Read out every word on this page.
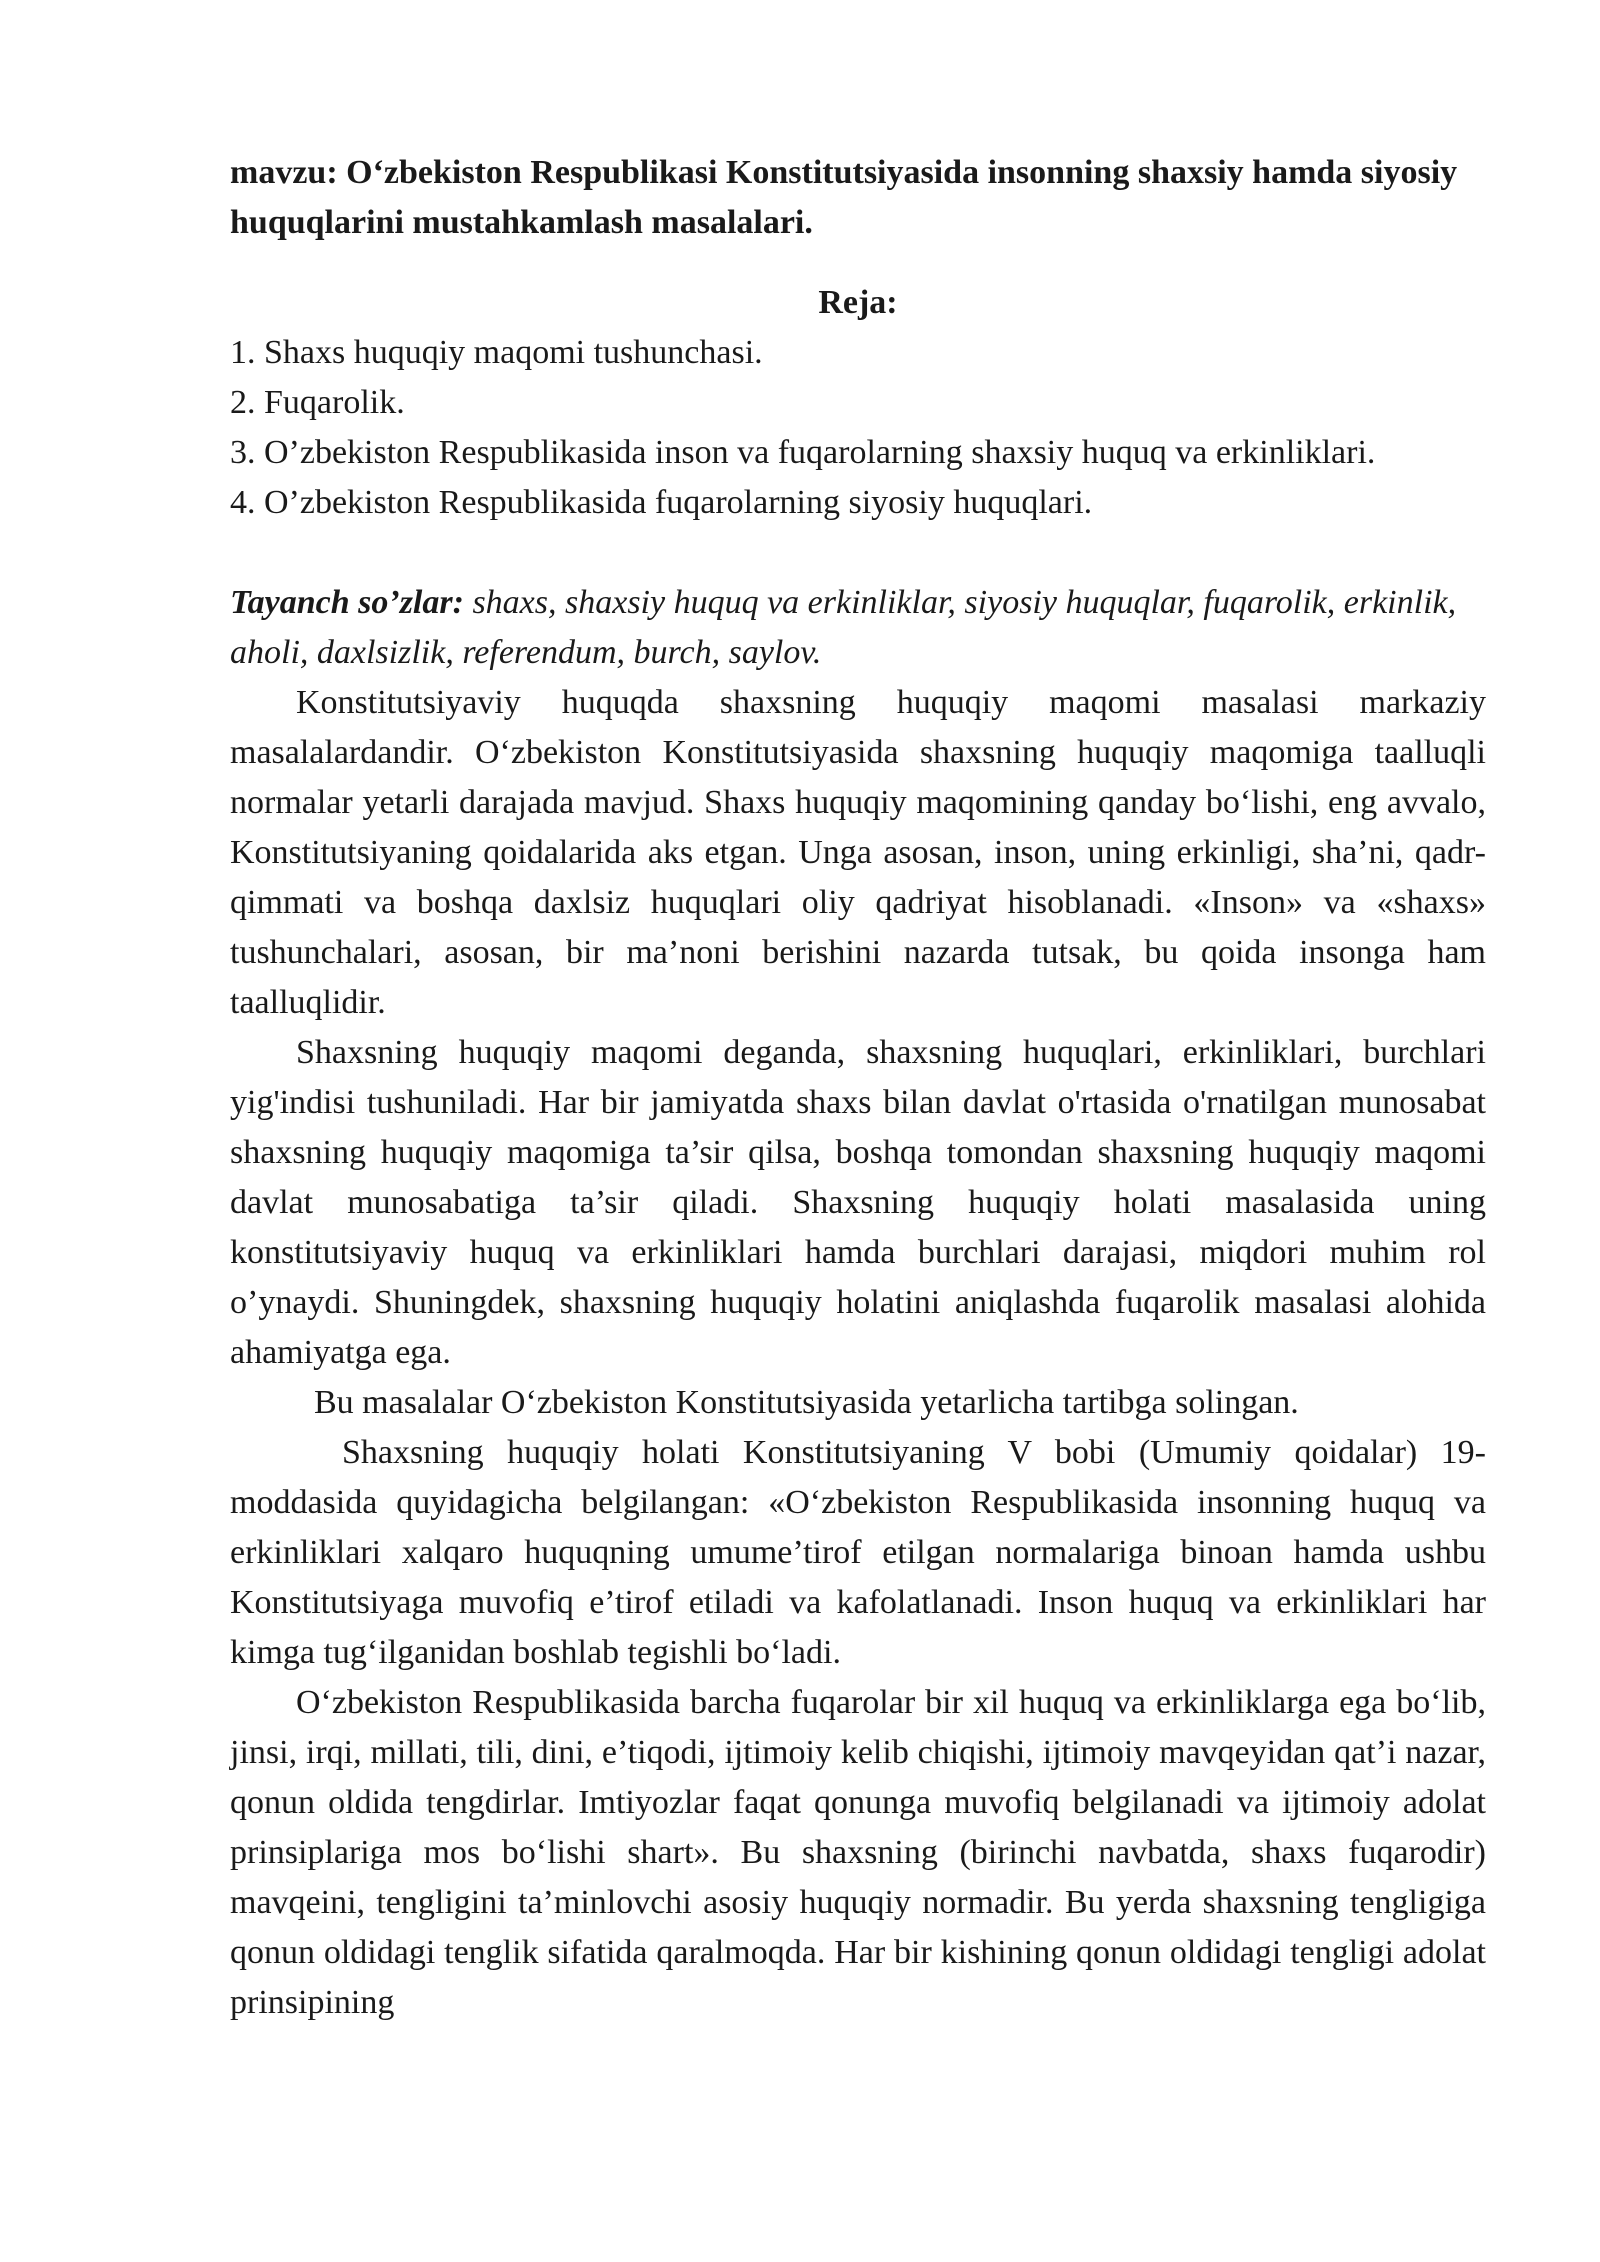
mavzu: O‘zbekiston Respublikasi Konstitutsiyasida insonning shaxsiy hamda siyosiy huquqlarini mustahkamlash masalalari.

Reja:

1. Shaxs huquqiy maqomi tushunchasi.
2. Fuqarolik.
3. O’zbekiston Respublikasida inson va fuqarolarning shaxsiy huquq va erkinliklari.
4. O’zbekiston Respublikasida fuqarolarning siyosiy huquqlari.

Tayanch so’zlar: shaxs, shaxsiy huquq va erkinliklar, siyosiy huquqlar, fuqarolik, erkinlik, aholi, daxlsizlik, referendum, burch, saylov.

Konstitutsiyaviy huquqda shaxsning huquqiy maqomi masalasi markaziy masalalardandir. O‘zbekiston Konstitutsiyasida shaxsning huquqiy maqomiga taalluqli normalar yetarli darajada mavjud. Shaxs huquqiy maqomining qanday bo‘lishi, eng avvalo, Konstitutsiyaning qoidalarida aks etgan. Unga asosan, inson, uning erkinligi, sha’ni, qadr-qimmati va boshqa daxlsiz huquqlari oliy qadriyat hisoblanadi. «Inson» va «shaxs» tushunchalari, asosan, bir ma’noni berishini nazarda tutsak, bu qoida insonga ham taalluqlidir.

Shaxsning huquqiy maqomi deganda, shaxsning huquqlari, erkinliklari, burchlari yig'indisi tushuniladi. Har bir jamiyatda shaxs bilan davlat o'rtasida o'rnatilgan munosabat shaxsning huquqiy maqomiga ta’sir qilsa, boshqa tomondan shaxsning huquqiy maqomi davlat munosabatiga ta’sir qiladi. Shaxsning huquqiy holati masalasida uning konstitutsiyaviy huquq va erkinliklari hamda burchlari darajasi, miqdori muhim rol o’ynaydi. Shuningdek, shaxsning huquqiy holatini aniqlashda fuqarolik masalasi alohida ahamiyatga ega.

Bu masalalar O‘zbekiston Konstitutsiyasida yetarlicha tartibga solingan.

Shaxsning huquqiy holati Konstitutsiyaning V bobi (Umumiy qoidalar) 19-moddasida quyidagicha belgilangan: «O‘zbekiston Respublikasida insonning huquq va erkinliklari xalqaro huquqning umume’tirof etilgan normalariga binoan hamda ushbu Konstitutsiyaga muvofiq e’tirof etiladi va kafolatlanadi. Inson huquq va erkinliklari har kimga tug‘ilganidan boshlab tegishli bo‘ladi.

O‘zbekiston Respublikasida barcha fuqarolar bir xil huquq va erkinliklarga ega bo‘lib, jinsi, irqi, millati, tili, dini, e’tiqodi, ijtimoiy kelib chiqishi, ijtimoiy mavqeyidan qat’i nazar, qonun oldida tengdirlar. Imtiyozlar faqat qonunga muvofiq belgilanadi va ijtimoiy adolat prinsiplariga mos bo‘lishi shart». Bu shaxsning (birinchi navbatda, shaxs fuqarodir) mavqeini, tengligini ta’minlovchi asosiy huquqiy normadir. Bu yerda shaxsning tengligiga qonun oldidagi tenglik sifatida qaralmoqda. Har bir kishining qonun oldidagi tengligi adolat prinsipining
